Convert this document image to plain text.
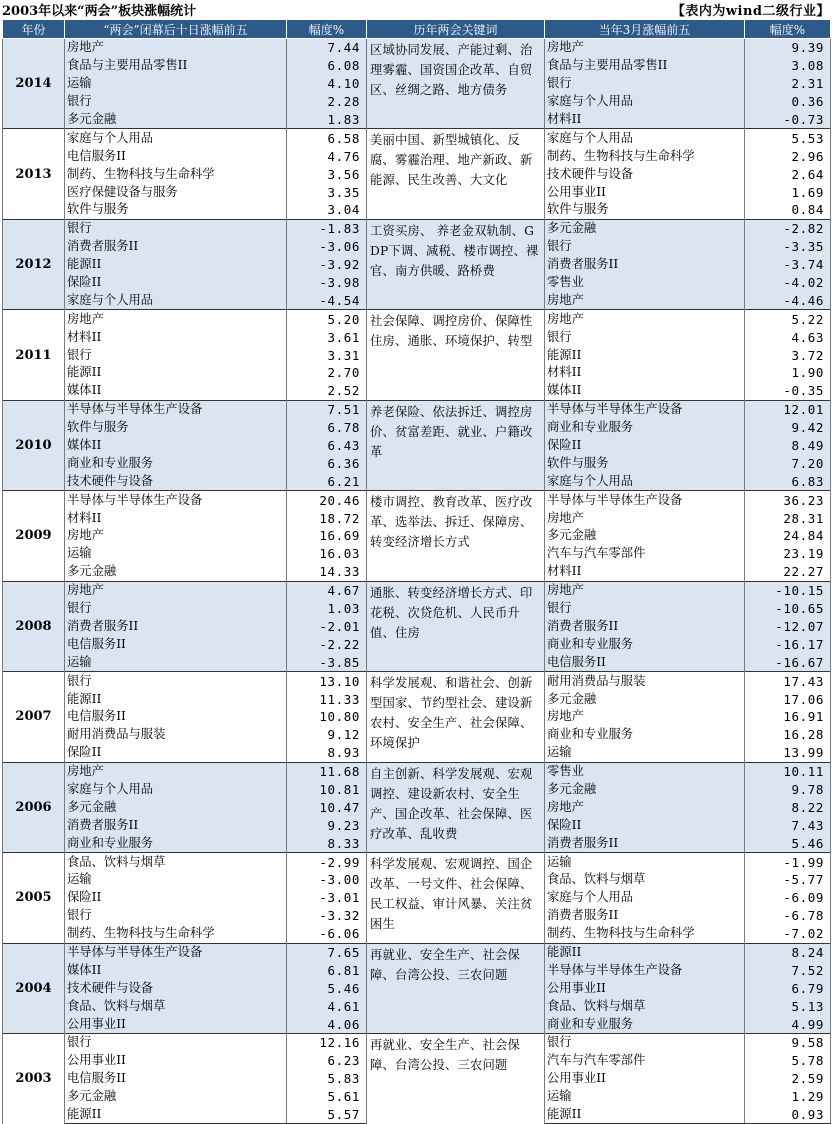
2003年以来“两会”板块涨幅统计	【表内为wind二级行业】
年份	“两会”闭幕后十日涨幅前五	幅度%	历年两会关键词	当年3月涨幅前五	幅度%
2014	房地产	7.44	区域协同发展、产能过剩、治理雾霾、国资国企改革、自贸区、丝绸之路、地方债务	房地产	9.39
	食品与主要用品零售II	6.08		食品与主要用品零售II	3.08
	运输	4.10		银行	2.31
	银行	2.28		家庭与个人用品	0.36
	多元金融	1.83		材料II	-0.73
2013	家庭与个人用品	6.58	美丽中国、新型城镇化、反腐、雾霾治理、地产新政、新能源、民生改善、大文化	家庭与个人用品	5.53
	电信服务II	4.76		制药、生物科技与生命科学	2.96
	制药、生物科技与生命科学	3.56		技术硬件与设备	2.64
	医疗保健设备与服务	3.35		公用事业II	1.69
	软件与服务	3.04		软件与服务	0.84
2012	银行	-1.83	工资买房、 养老金双轨制、GDP下调、减税、楼市调控、裸官、南方供暖、路桥费	多元金融	-2.82
	消费者服务II	-3.06		银行	-3.35
	能源II	-3.92		消费者服务II	-3.74
	保险II	-3.98		零售业	-4.02
	家庭与个人用品	-4.54		房地产	-4.46
2011	房地产	5.20	社会保障、调控房价、保障性住房、通胀、环境保护、转型	房地产	5.22
	材料II	3.61		银行	4.63
	银行	3.31		能源II	3.72
	能源II	2.70		材料II	1.90
	媒体II	2.52		媒体II	-0.35
2010	半导体与半导体生产设备	7.51	养老保险、依法拆迁、调控房价、贫富差距、就业、户籍改革	半导体与半导体生产设备	12.01
	软件与服务	6.78		商业和专业服务	9.42
	媒体II	6.43		保险II	8.49
	商业和专业服务	6.36		软件与服务	7.20
	技术硬件与设备	6.21		家庭与个人用品	6.83
2009	半导体与半导体生产设备	20.46	楼市调控、教育改革、医疗改革、选举法、拆迁、保障房、转变经济增长方式	半导体与半导体生产设备	36.23
	材料II	18.72		房地产	28.31
	房地产	16.69		多元金融	24.84
	运输	16.03		汽车与汽车零部件	23.19
	多元金融	14.33		材料II	22.27
2008	房地产	4.67	通胀、转变经济增长方式、印花税、次贷危机、人民币升值、住房	房地产	-10.15
	银行	1.03		银行	-10.65
	消费者服务II	-2.01		消费者服务II	-12.07
	电信服务II	-2.22		商业和专业服务	-16.17
	运输	-3.85		电信服务II	-16.67
2007	银行	13.10	科学发展观、和谐社会、创新型国家、节约型社会、建设新农村、安全生产、社会保障、环境保护	耐用消费品与服装	17.43
	能源II	11.33		多元金融	17.06
	电信服务II	10.80		房地产	16.91
	耐用消费品与服装	9.12		商业和专业服务	16.28
	保险II	8.93		运输	13.99
2006	房地产	11.68	自主创新、科学发展观、宏观调控、建设新农村、安全生产、国企改革、社会保障、医疗改革、乱收费	零售业	10.11
	家庭与个人用品	10.81		多元金融	9.78
	多元金融	10.47		房地产	8.22
	消费者服务II	9.23		保险II	7.43
	商业和专业服务	8.33		消费者服务II	5.46
2005	食品、饮料与烟草	-2.99	科学发展观、宏观调控、国企改革、一号文件、社会保障、民工权益、审计风暴、关注贫困生	运输	-1.99
	运输	-3.00		食品、饮料与烟草	-5.77
	保险II	-3.01		家庭与个人用品	-6.09
	银行	-3.32		消费者服务II	-6.78
	制药、生物科技与生命科学	-6.06		制药、生物科技与生命科学	-7.02
2004	半导体与半导体生产设备	7.65	再就业、安全生产、社会保障、台湾公投、三农问题	能源II	8.24
	媒体II	6.81		半导体与半导体生产设备	7.52
	技术硬件与设备	5.46		公用事业II	6.79
	食品、饮料与烟草	4.61		食品、饮料与烟草	5.13
	公用事业II	4.06		商业和专业服务	4.99
2003	银行	12.16	再就业、安全生产、社会保障、台湾公投、三农问题	银行	9.58
	公用事业II	6.23		汽车与汽车零部件	5.78
	电信服务II	5.83		公用事业II	2.59
	多元金融	5.61		运输	1.29
	能源II	5.57		能源II	0.93
